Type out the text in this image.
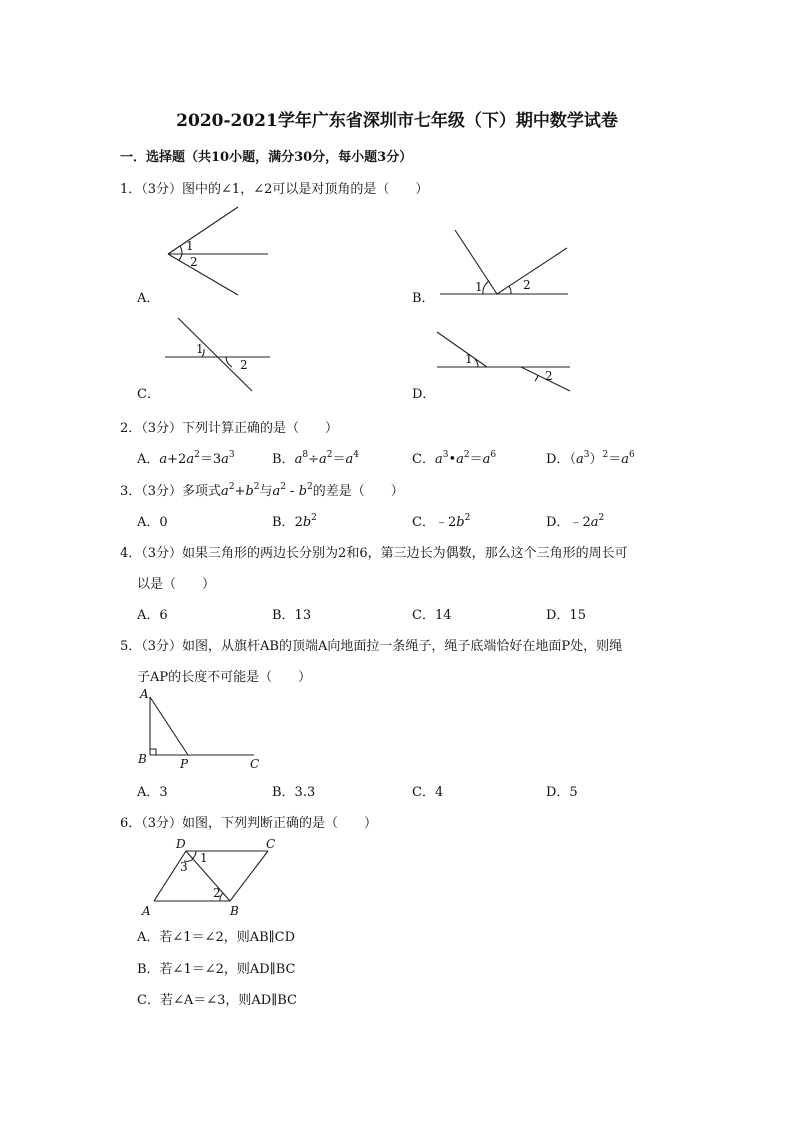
2020-2021学年广东省深圳市七年级（下）期中数学试卷
一．选择题（共10小题，满分30分，每小题3分）
1．（3分）图中的∠1，∠2可以是对顶角的是（　　）
1
2
A．
1	2
B．
1
2
C．
1
2
D．
2．（3分）下列计算正确的是（　　）
A．$a+2a^2=3a^3$	B．$a^8\div a^2=a^4$	C．$a^3•a^2=a^6$	D．$(a^3)^2=a^6$
3．（3分）多项式$a^2+b^2$与$a^2 - b^2$的差是（　　）
A．0	B．$2b^2$	C．$﹣2b^2$	D．$﹣2a^2$
4．（3分）如果三角形的两边长分别为2和6，第三边长为偶数，那么这个三角形的周长可
以是（　　）
A．6	B．13	C．14	D．15
5．（3分）如图，从旗杆AB的顶端A向地面拉一条绳子，绳子底端恰好在地面P处，则绳
子AP的长度不可能是（　　）
A
B	P	C
A．3	B．3.3	C．4	D．5
6．（3分）如图，下列判断正确的是（　　）
D	C
A	B
1
3
2
A．若∠1＝∠2，则AB∥CD
B．若∠1＝∠2，则AD∥BC
C．若∠A＝∠3，则AD∥BC
